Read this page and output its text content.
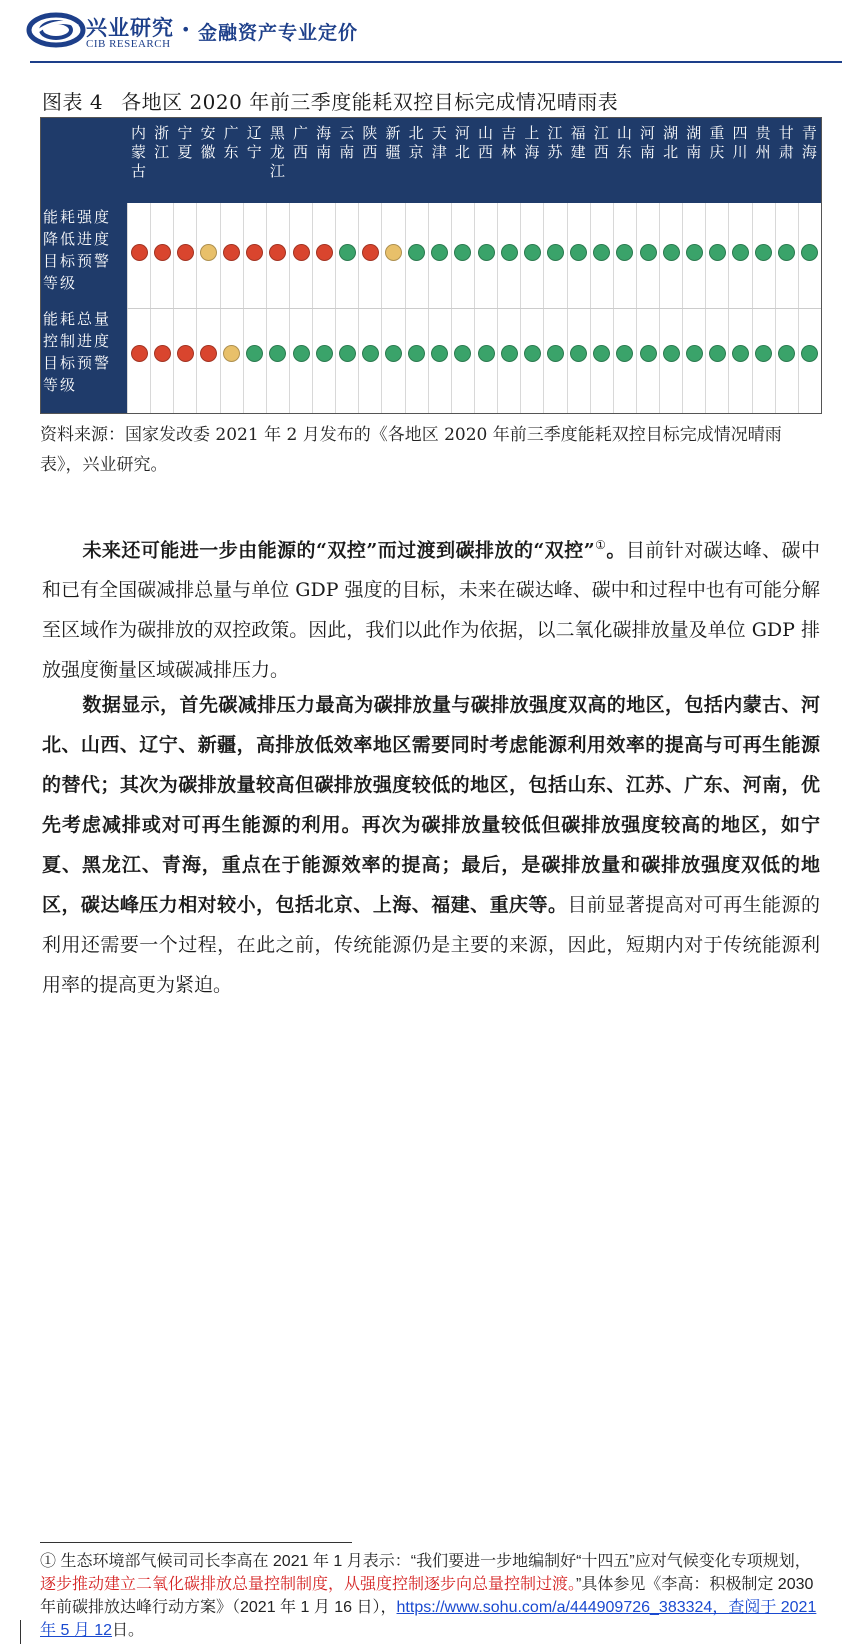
兴业研究
CIB RESEARCH
• 金融资产专业定价
图表 4 各地区 2020 年前三季度能耗双控目标完成情况晴雨表
内
蒙
古
浙
江
宁
夏
安
徽
广
东
辽
宁
黑
龙
江
广
西
海
南
云
南
陕
西
新
疆
北
京
天
津
河
北
山
西
吉
林
上
海
江
苏
福
建
江
西
山
东
河
南
湖
北
湖
南
重
庆
四
川
贵
州
甘
肃
青
海
能耗强度降低进度目标预警等级
能耗总量控制进度目标预警等级
资料来源：国家发改委 2021 年 2 月发布的《各地区 2020 年前三季度能耗双控目标完成情况晴雨表》，兴业研究。
未来还可能进一步由能源的“双控”而过渡到碳排放的“双控”①。目前针对碳达峰、碳中和已有全国碳减排总量与单位 GDP 强度的目标，未来在碳达峰、碳中和过程中也有可能分解至区域作为碳排放的双控政策。因此，我们以此作为依据，以二氧化碳排放量及单位 GDP 排放强度衡量区域碳减排压力。
数据显示，首先碳减排压力最高为碳排放量与碳排放强度双高的地区，包括内蒙古、河北、山西、辽宁、新疆，高排放低效率地区需要同时考虑能源利用效率的提高与可再生能源的替代；其次为碳排放量较高但碳排放强度较低的地区，包括山东、江苏、广东、河南，优先考虑减排或对可再生能源的利用。再次为碳排放量较低但碳排放强度较高的地区，如宁夏、黑龙江、青海，重点在于能源效率的提高；最后，是碳排放量和碳排放强度双低的地区，碳达峰压力相对较小，包括北京、上海、福建、重庆等。目前显著提高对可再生能源的利用还需要一个过程，在此之前，传统能源仍是主要的来源，因此，短期内对于传统能源利用率的提高更为紧迫。
① 生态环境部气候司司长李高在 2021 年 1 月表示：“我们要进一步地编制好“十四五”应对气候变化专项规划，逐步推动建立二氧化碳排放总量控制制度，从强度控制逐步向总量控制过渡。”具体参见《李高：积极制定 2030 年前碳排放达峰行动方案》（2021 年 1 月 16 日），https://www.sohu.com/a/444909726_383324，查阅于 2021 年 5 月 12日。
